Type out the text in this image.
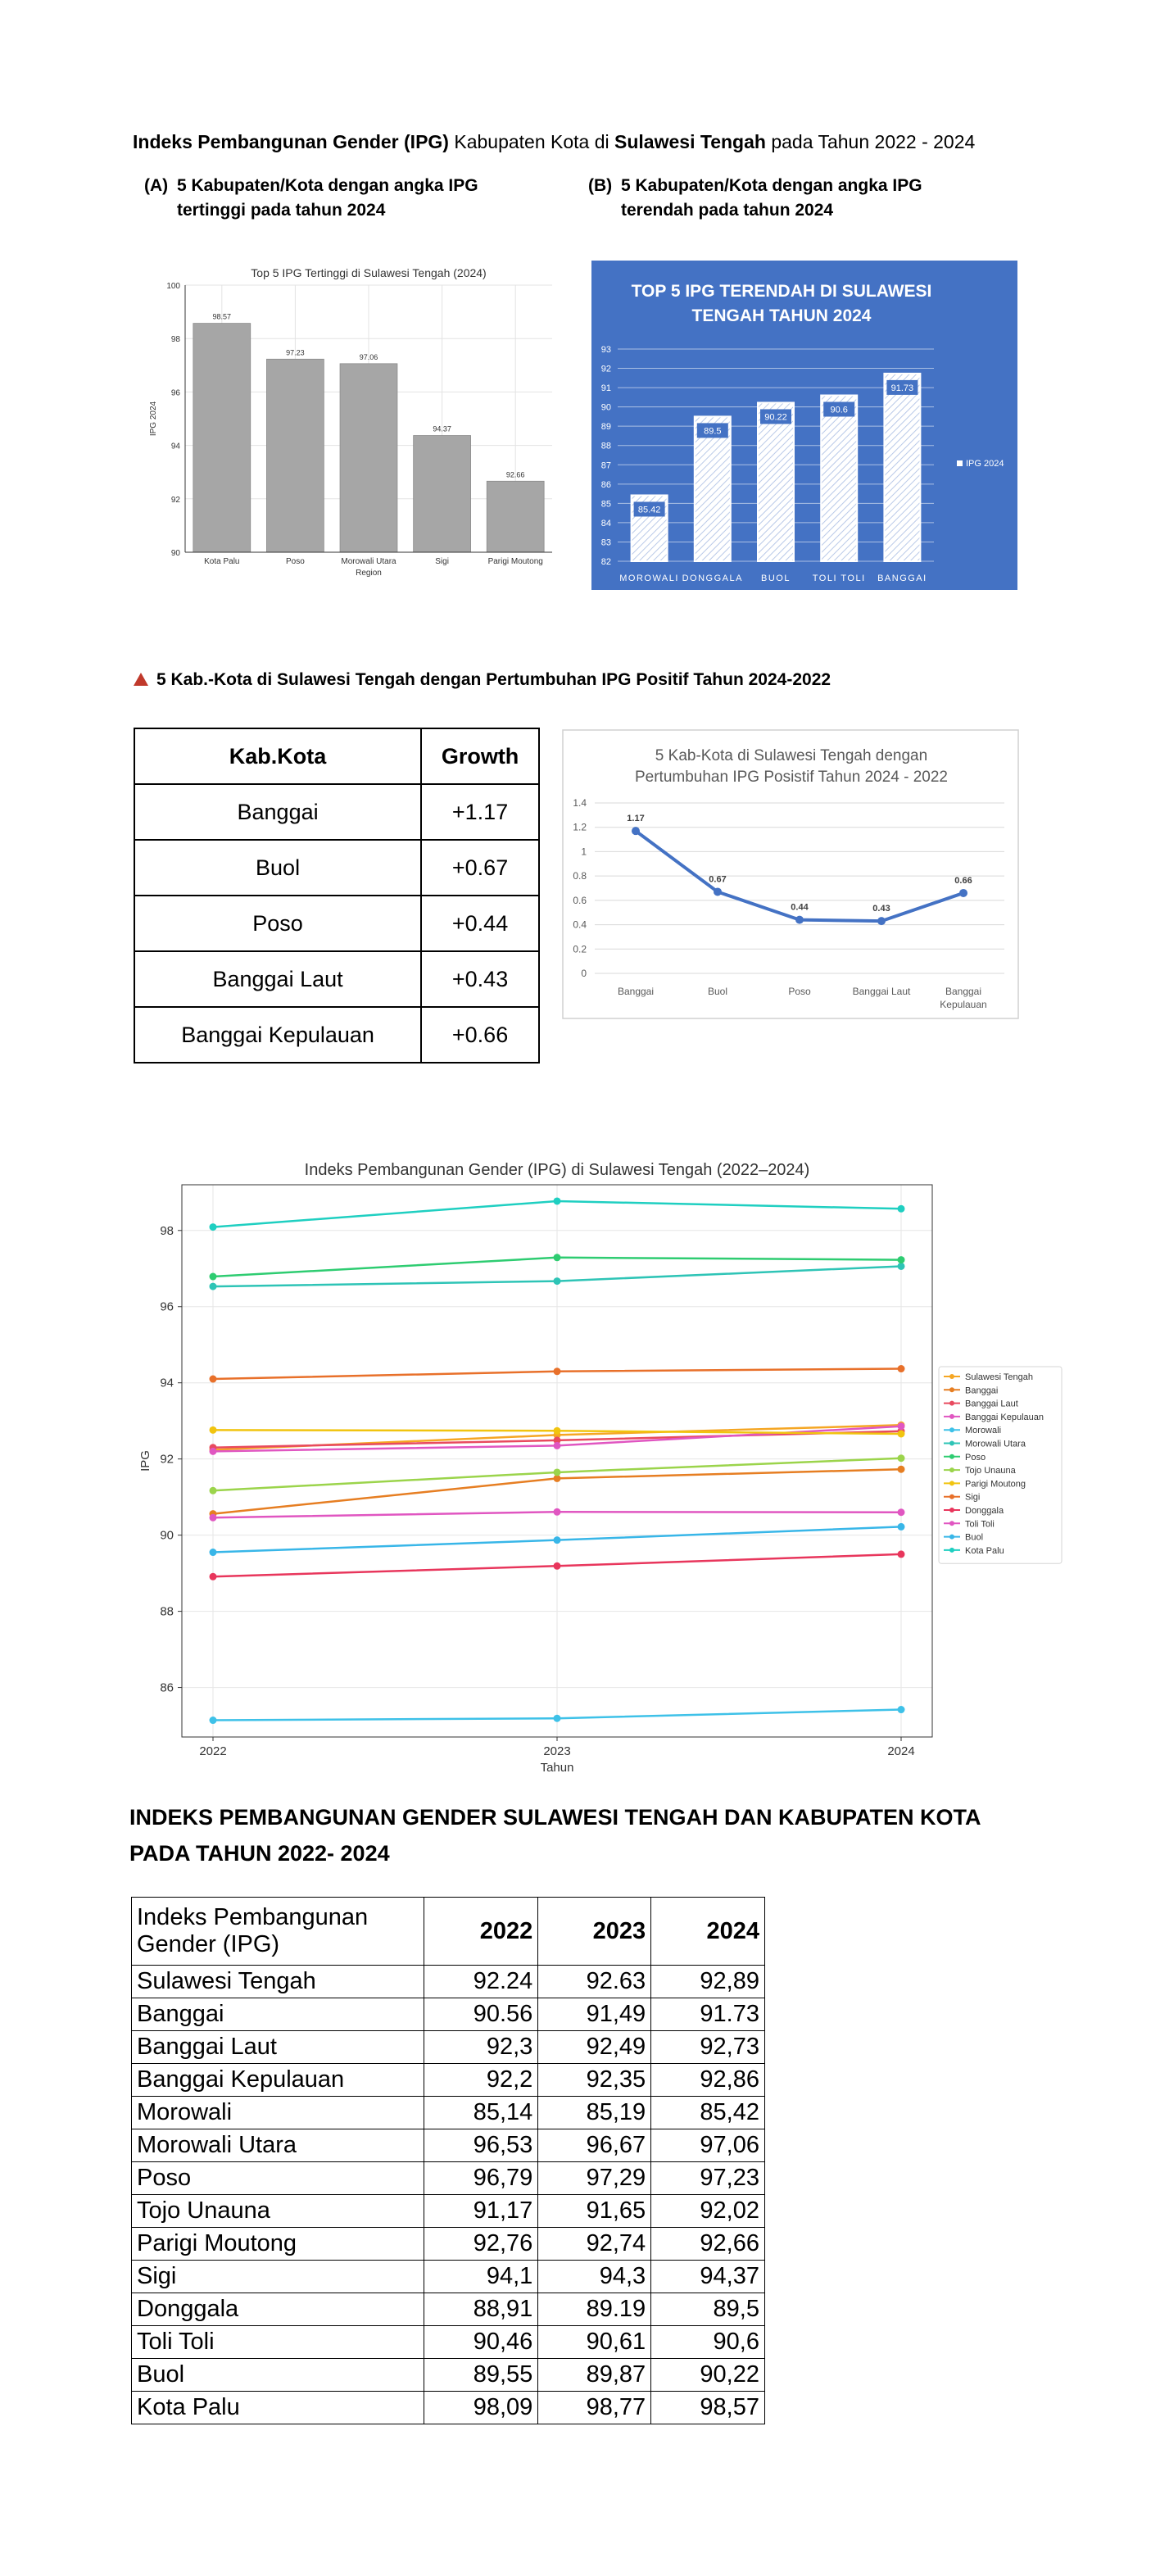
Indeks Pembangunan Gender (IPG) Kabupaten Kota di Sulawesi Tengah pada Tahun 2022 - 2024
(A) 5 Kabupaten/Kota dengan angka IPG
tertinggi pada tahun 2024
(B) 5 Kabupaten/Kota dengan angka IPG
terendah pada tahun 2024
Top 5 IPG Tertinggi di Sulawesi Tengah (2024)
90
92
94
96
98
100
98.57
Kota Palu
97.23
Poso
97.06
Morowali Utara
94.37
Sigi
92.66
Parigi Moutong
Region
IPG 2024
TOP 5 IPG TERENDAH DI SULAWESI
TENGAH TAHUN 2024
82
83
84
85
86
87
88
89
90
91
92
93
85.42
MOROWALI
89.5
DONGGALA
90.22
BUOL
90.6
TOLI TOLI
91.73
BANGGAI
IPG 2024
5 Kab.-Kota di Sulawesi Tengah dengan Pertumbuhan IPG Positif Tahun 2024-2022
Kab.Kota	Growth
Banggai	+1.17
Buol	+0.67
Poso	+0.44
Banggai Laut	+0.43
Banggai Kepulauan	+0.66
5 Kab-Kota di Sulawesi Tengah dengan
Pertumbuhan IPG Posistif Tahun 2024 - 2022
0
0.2
0.4
0.6
0.8
1
1.2
1.4
1.17
Banggai
0.67
Buol
0.44
Poso
0.43
Banggai Laut
0.66
Banggai
Kepulauan
Indeks Pembangunan Gender (IPG) di Sulawesi Tengah (2022–2024)
86
88
90
92
94
96
98
2022	2023	2024
Tahun
IPG
Sulawesi Tengah
Banggai
Banggai Laut
Banggai Kepulauan
Morowali
Morowali Utara
Poso
Tojo Unauna
Parigi Moutong
Sigi
Donggala
Toli Toli
Buol
Kota Palu
INDEKS PEMBANGUNAN GENDER SULAWESI TENGAH DAN KABUPATEN KOTA
PADA TAHUN 2022- 2024
Indeks Pembangunan
Gender (IPG)	2022	2023	2024
Sulawesi Tengah	92.24	92.63	92,89
Banggai	90.56	91,49	91.73
Banggai Laut	92,3	92,49	92,73
Banggai Kepulauan	92,2	92,35	92,86
Morowali	85,14	85,19	85,42
Morowali Utara	96,53	96,67	97,06
Poso	96,79	97,29	97,23
Tojo Unauna	91,17	91,65	92,02
Parigi Moutong	92,76	92,74	92,66
Sigi	94,1	94,3	94,37
Donggala	88,91	89.19	89,5
Toli Toli	90,46	90,61	90,6
Buol	89,55	89,87	90,22
Kota Palu	98,09	98,77	98,57
